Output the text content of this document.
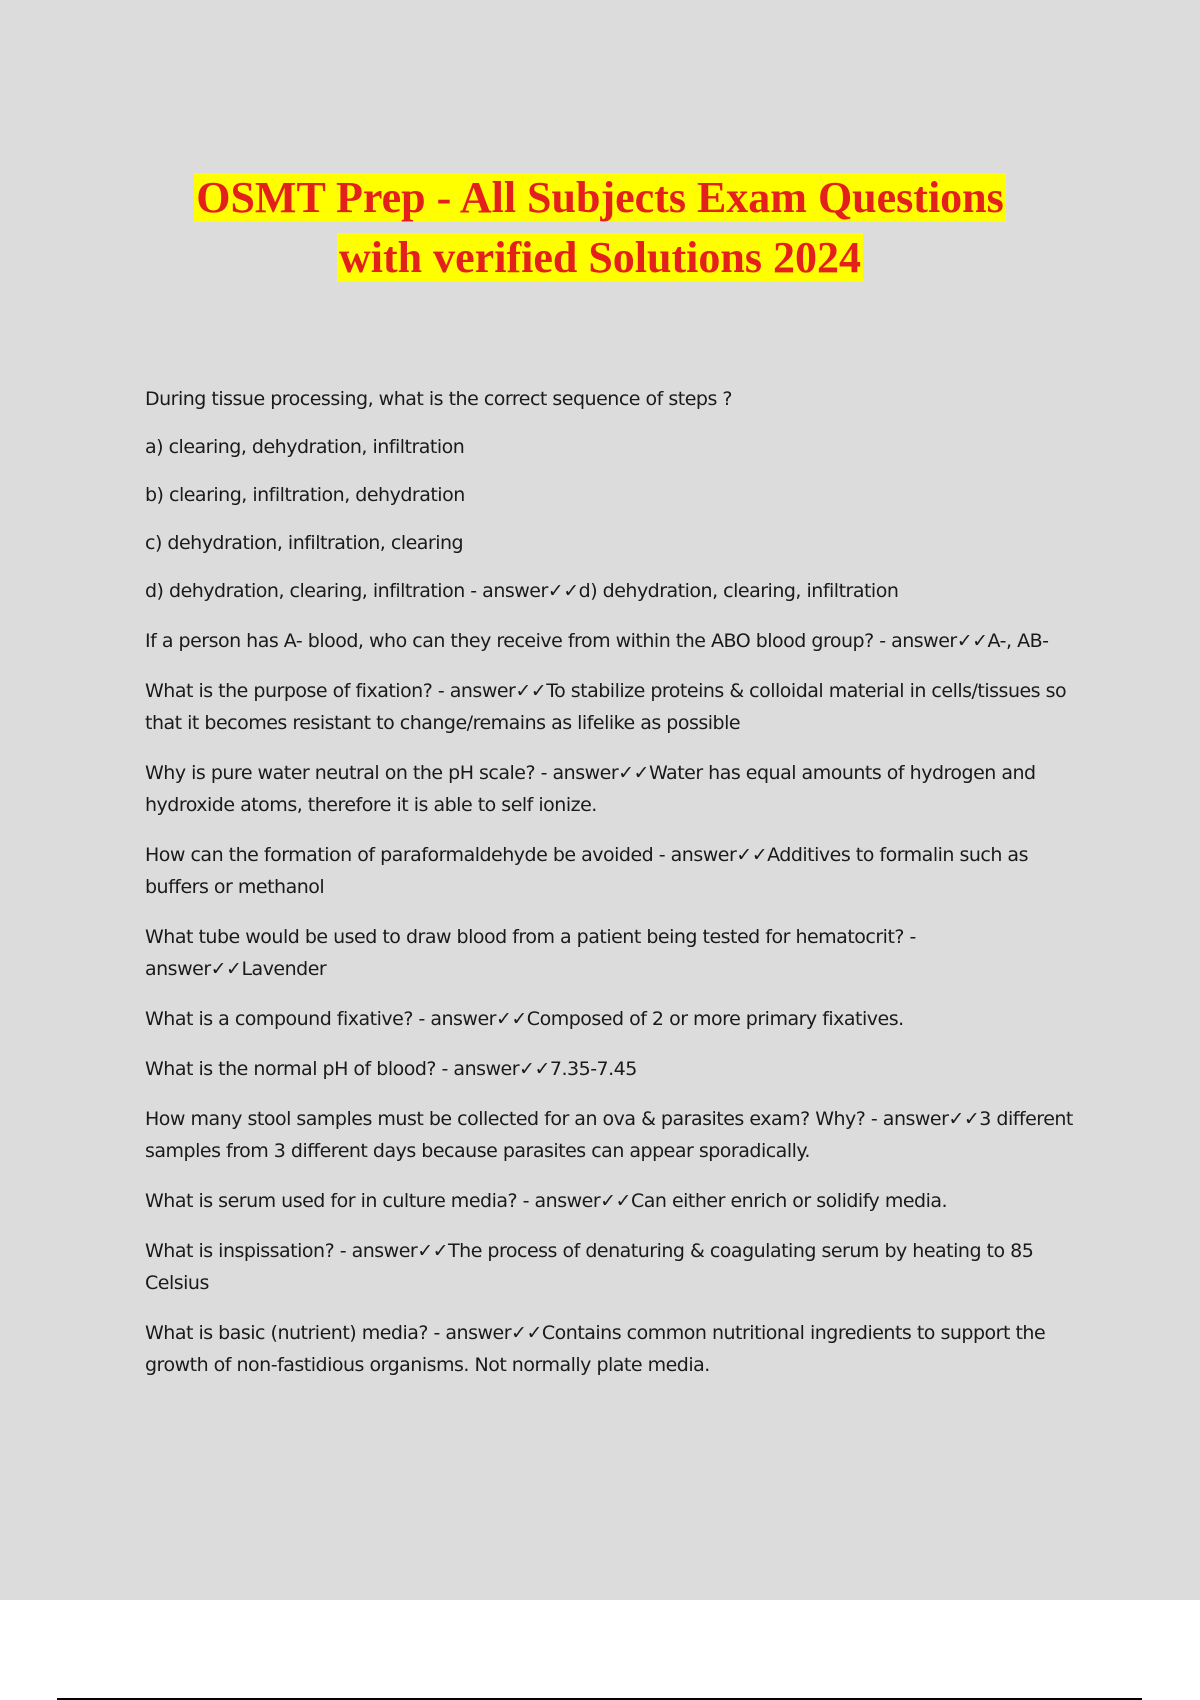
OSMT Prep - All Subjects Exam Questions
with verified Solutions 2024

During tissue processing, what is the correct sequence of steps ?

a) clearing, dehydration, infiltration

b) clearing, infiltration, dehydration

c) dehydration, infiltration, clearing

d) dehydration, clearing, infiltration - answer✓✓d) dehydration, clearing, infiltration

If a person has A- blood, who can they receive from within the ABO blood group? - answer✓✓A-, AB-

What is the purpose of fixation? - answer✓✓To stabilize proteins & colloidal material in cells/tissues so that it becomes resistant to change/remains as lifelike as possible

Why is pure water neutral on the pH scale? - answer✓✓Water has equal amounts of hydrogen and hydroxide atoms, therefore it is able to self ionize.

How can the formation of paraformaldehyde be avoided - answer✓✓Additives to formalin such as buffers or methanol

What tube would be used to draw blood from a patient being tested for hematocrit? - answer✓✓Lavender

What is a compound fixative? - answer✓✓Composed of 2 or more primary fixatives.

What is the normal pH of blood? - answer✓✓7.35-7.45

How many stool samples must be collected for an ova & parasites exam? Why? - answer✓✓3 different samples from 3 different days because parasites can appear sporadically.

What is serum used for in culture media? - answer✓✓Can either enrich or solidify media.

What is inspissation? - answer✓✓The process of denaturing & coagulating serum by heating to 85 Celsius

What is basic (nutrient) media? - answer✓✓Contains common nutritional ingredients to support the growth of non-fastidious organisms. Not normally plate media.
